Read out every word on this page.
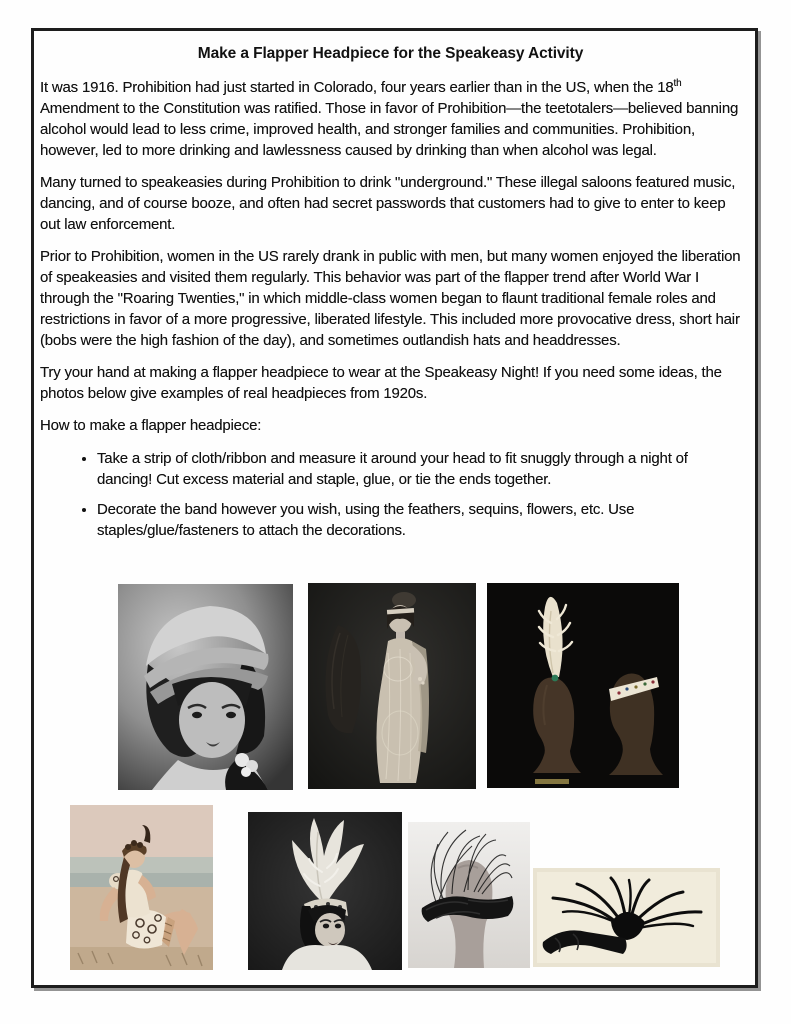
Make a Flapper Headpiece for the Speakeasy Activity

It was 1916. Prohibition had just started in Colorado, four years earlier than in the US, when the 18th Amendment to the Constitution was ratified. Those in favor of Prohibition—the teetotalers—believed banning alcohol would lead to less crime, improved health, and stronger families and communities. Prohibition, however, led to more drinking and lawlessness caused by drinking than when alcohol was legal.

Many turned to speakeasies during Prohibition to drink "underground." These illegal saloons featured music, dancing, and of course booze, and often had secret passwords that customers had to give to enter to keep out law enforcement.

Prior to Prohibition, women in the US rarely drank in public with men, but many women enjoyed the liberation of speakeasies and visited them regularly. This behavior was part of the flapper trend after World War I through the "Roaring Twenties," in which middle-class women began to flaunt traditional female roles and restrictions in favor of a more progressive, liberated lifestyle. This included more provocative dress, short hair (bobs were the high fashion of the day), and sometimes outlandish hats and headdresses.

Try your hand at making a flapper headpiece to wear at the Speakeasy Night! If you need some ideas, the photos below give examples of real headpieces from 1920s.

How to make a flapper headpiece:

• Take a strip of cloth/ribbon and measure it around your head to fit snuggly through a night of dancing! Cut excess material and staple, glue, or tie the ends together.
• Decorate the band however you wish, using the feathers, sequins, flowers, etc. Use staples/glue/fasteners to attach the decorations.
